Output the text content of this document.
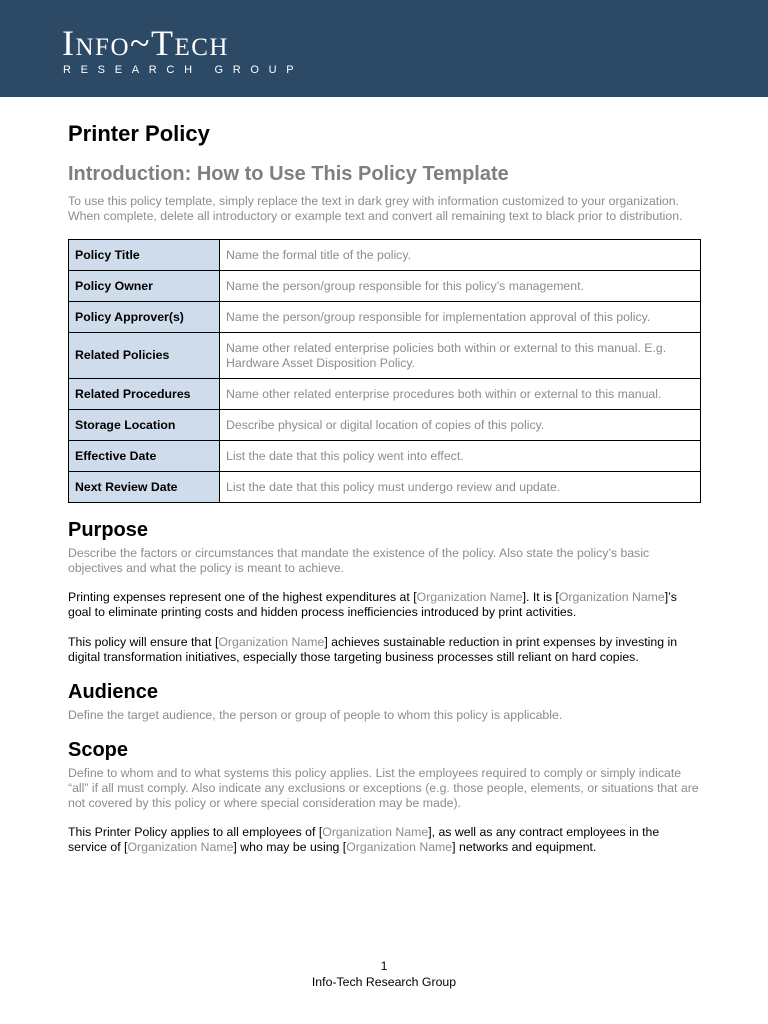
Info~Tech
RESEARCH GROUP
Printer Policy
Introduction: How to Use This Policy Template

To use this policy template, simply replace the text in dark grey with information customized to your organization. When complete, delete all introductory or example text and convert all remaining text to black prior to distribution.

Policy Title	Name the formal title of the policy.
Policy Owner	Name the person/group responsible for this policy’s management.
Policy Approver(s)	Name the person/group responsible for implementation approval of this policy.
Related Policies	Name other related enterprise policies both within or external to this manual. E.g. Hardware Asset Disposition Policy.
Related Procedures	Name other related enterprise procedures both within or external to this manual.
Storage Location	Describe physical or digital location of copies of this policy.
Effective Date	List the date that this policy went into effect.
Next Review Date	List the date that this policy must undergo review and update.
Purpose

Describe the factors or circumstances that mandate the existence of the policy. Also state the policy’s basic objectives and what the policy is meant to achieve.

Printing expenses represent one of the highest expenditures at [Organization Name]. It is [Organization Name]’s goal to eliminate printing costs and hidden process inefficiencies introduced by print activities.

This policy will ensure that [Organization Name] achieves sustainable reduction in print expenses by investing in digital transformation initiatives, especially those targeting business processes still reliant on hard copies.

Audience

Define the target audience, the person or group of people to whom this policy is applicable.

Scope

Define to whom and to what systems this policy applies. List the employees required to comply or simply indicate “all” if all must comply. Also indicate any exclusions or exceptions (e.g. those people, elements, or situations that are not covered by this policy or where special consideration may be made).

This Printer Policy applies to all employees of [Organization Name], as well as any contract employees in the service of [Organization Name] who may be using [Organization Name] networks and equipment.

1
Info-Tech Research Group
